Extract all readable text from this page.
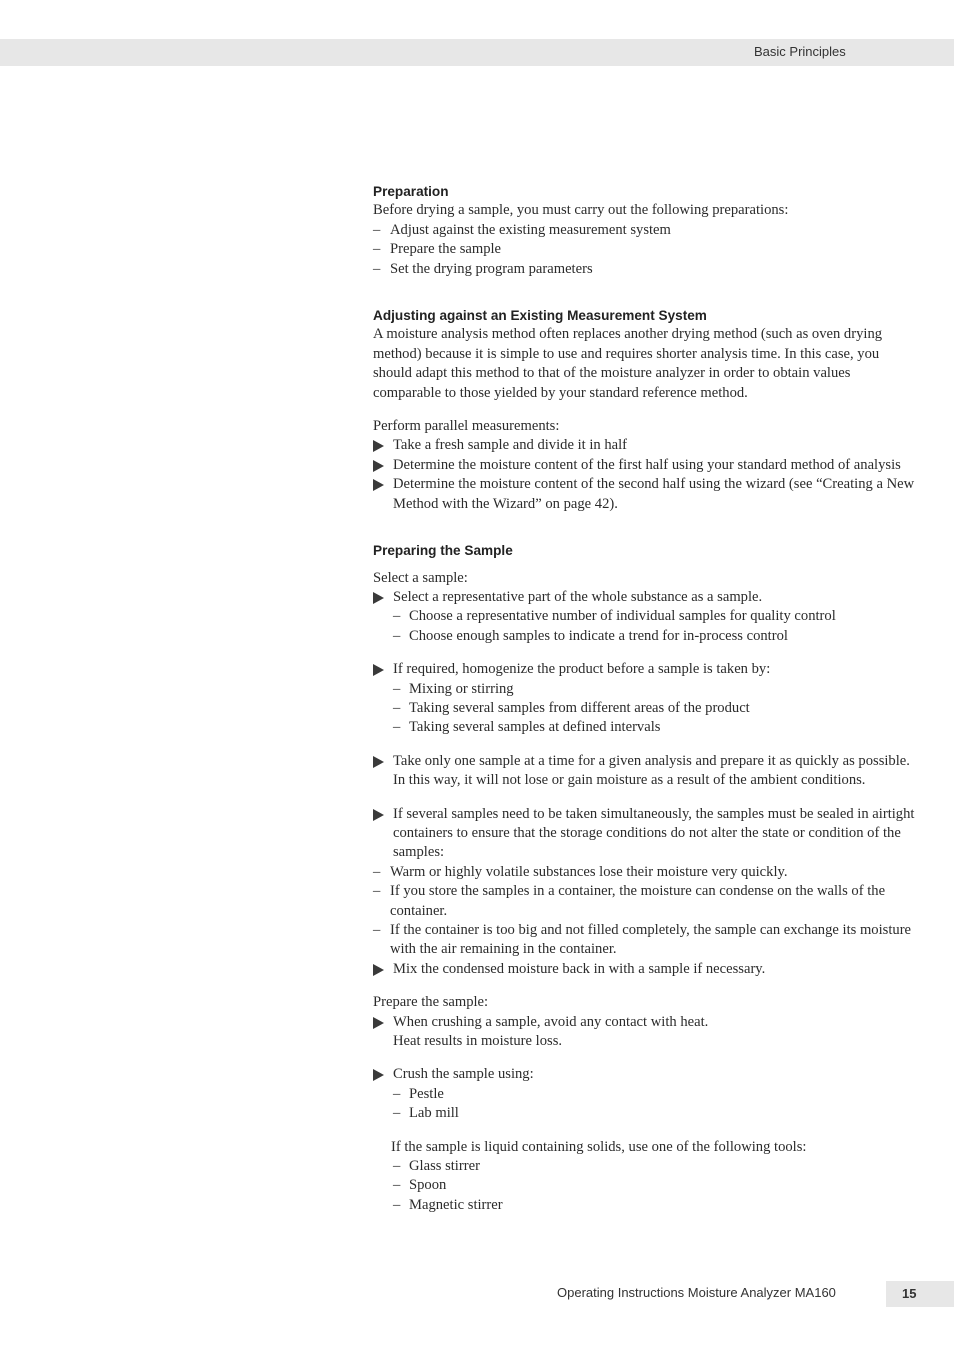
Basic Principles
Preparation
Before drying a sample, you must carry out the following preparations:
– Adjust against the existing measurement system
– Prepare the sample
– Set the drying program parameters
Adjusting against an Existing Measurement System
A moisture analysis method often replaces another drying method (such as oven drying method) because it is simple to use and requires shorter analysis time. In this case, you should adapt this method to that of the moisture analyzer in order to obtain values comparable to those yielded by your standard reference method.
Perform parallel measurements:
Take a fresh sample and divide it in half
Determine the moisture content of the first half using your standard method of analysis
Determine the moisture content of the second half using the wizard (see “Creating a New Method with the Wizard” on page 42).
Preparing the Sample
Select a sample:
Select a representative part of the whole substance as a sample.
– Choose a representative number of individual samples for quality control
– Choose enough samples to indicate a trend for in-process control
If required, homogenize the product before a sample is taken by:
– Mixing or stirring
– Taking several samples from different areas of the product
– Taking several samples at defined intervals
Take only one sample at a time for a given analysis and prepare it as quickly as possible. In this way, it will not lose or gain moisture as a result of the ambient conditions.
If several samples need to be taken simultaneously, the samples must be sealed in airtight containers to ensure that the storage conditions do not alter the state or condition of the samples:
– Warm or highly volatile substances lose their moisture very quickly.
– If you store the samples in a container, the moisture can condense on the walls of the container.
– If the container is too big and not filled completely, the sample can exchange its moisture with the air remaining in the container.
Mix the condensed moisture back in with a sample if necessary.
Prepare the sample:
When crushing a sample, avoid any contact with heat.
Heat results in moisture loss.
Crush the sample using:
– Pestle
– Lab mill
If the sample is liquid containing solids, use one of the following tools:
– Glass stirrer
– Spoon
– Magnetic stirrer
Operating Instructions Moisture Analyzer MA160	15
